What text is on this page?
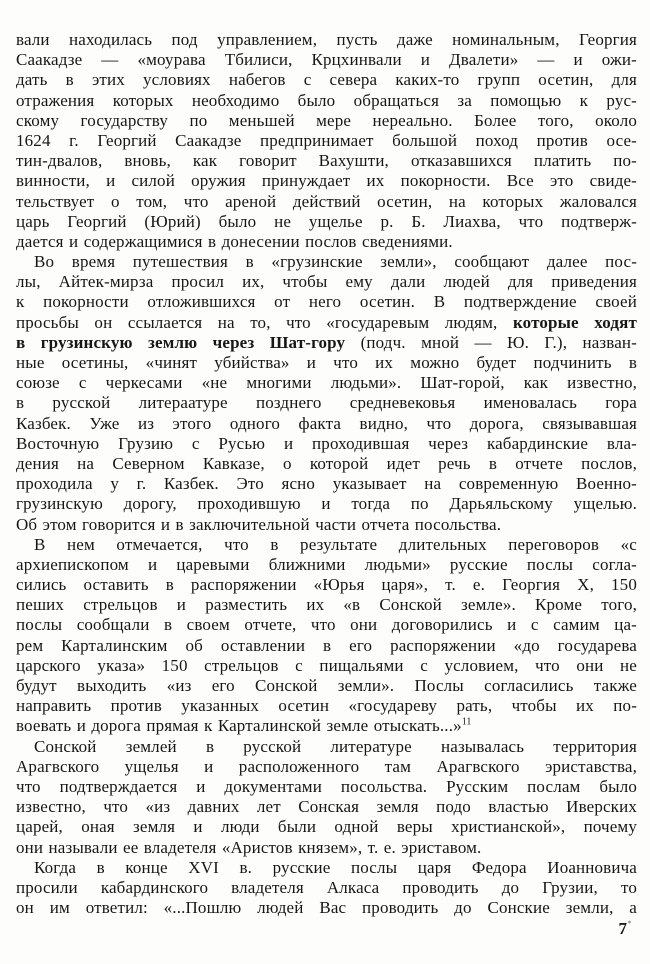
вали находилась под управлением, пусть даже номинальным, Георгия
Саакадзе — «моурава Тбилиси, Крцхинвали и Двалети» — и ожи-
дать в этих условиях набегов с севера каких-то групп осетин, для
отражения которых необходимо было обращаться за помощью к рус-
скому государству по меньшей мере нереально. Более того, около
1624 г. Георгий Саакадзе предпринимает большой поход против осе-
тин-двалов, вновь, как говорит Вахушти, отказавшихся платить по-
винности, и силой оружия принуждает их покорности. Все это свиде-
тельствует о том, что ареной действий осетин, на которых жаловался
царь Георгий (Юрий) было не ущелье р. Б. Лиахва, что подтверж-
дается и содержащимися в донесении послов сведениями.
Во время путешествия в «грузинские земли», сообщают далее пос-
лы, Айтек-мирза просил их, чтобы ему дали людей для приведения
к покорности отложившихся от него осетин. В подтверждение своей
просьбы он ссылается на то, что «государевым людям, которые ходят
в грузинскую землю через Шат-гору (подч. мной — Ю. Г.), назван-
ные осетины, «чинят убийства» и что их можно будет подчинить в
союзе с черкесами «не многими людьми». Шат-горой, как известно,
в русской литераатуре позднего средневековья именовалась гора
Казбек. Уже из этого одного факта видно, что дорога, связывавшая
Восточную Грузию с Русью и проходившая через кабардинские вла-
дения на Северном Кавказе, о которой идет речь в отчете послов,
проходила у г. Казбек. Это ясно указывает на современную Военно-
грузинскую дорогу, проходившую и тогда по Дарьяльскому ущелью.
Об этом говорится и в заключительной части отчета посольства.
В нем отмечается, что в результате длительных переговоров «с
архиепископом и царевыми ближними людьми» русские послы согла-
сились оставить в распоряжении «Юрья царя», т. е. Георгия X, 150
пеших стрельцов и разместить их «в Сонской земле». Кроме того,
послы сообщали в своем отчете, что они договорились и с самим ца-
рем Карталинским об оставлении в его распоряжении «до государева
царского указа» 150 стрельцов с пищальями с условием, что они не
будут выходить «из его Сонской земли». Послы согласились также
направить против указанных осетин «государеву рать, чтобы их по-
воевать и дорога прямая к Карталинской земле отыскать...»$^{11}$
Сонской землей в русской литературе называлась территория
Арагвского ущелья и расположенного там Арагвского эриставства,
что подтверждается и документами посольства. Русским послам было
известно, что «из давних лет Сонская земля подо властью Иверских
царей, оная земля и люди были одной веры христианской», почему
они называли ее владетеля «Аристов князем», т. е. эриставом.
Когда в конце XVI в. русские послы царя Федора Иоанновича
просили кабардинского владетеля Алкаса проводить до Грузии, то
он им ответил: «...Пошлю людей Вас проводить до Сонские земли, а
7*
